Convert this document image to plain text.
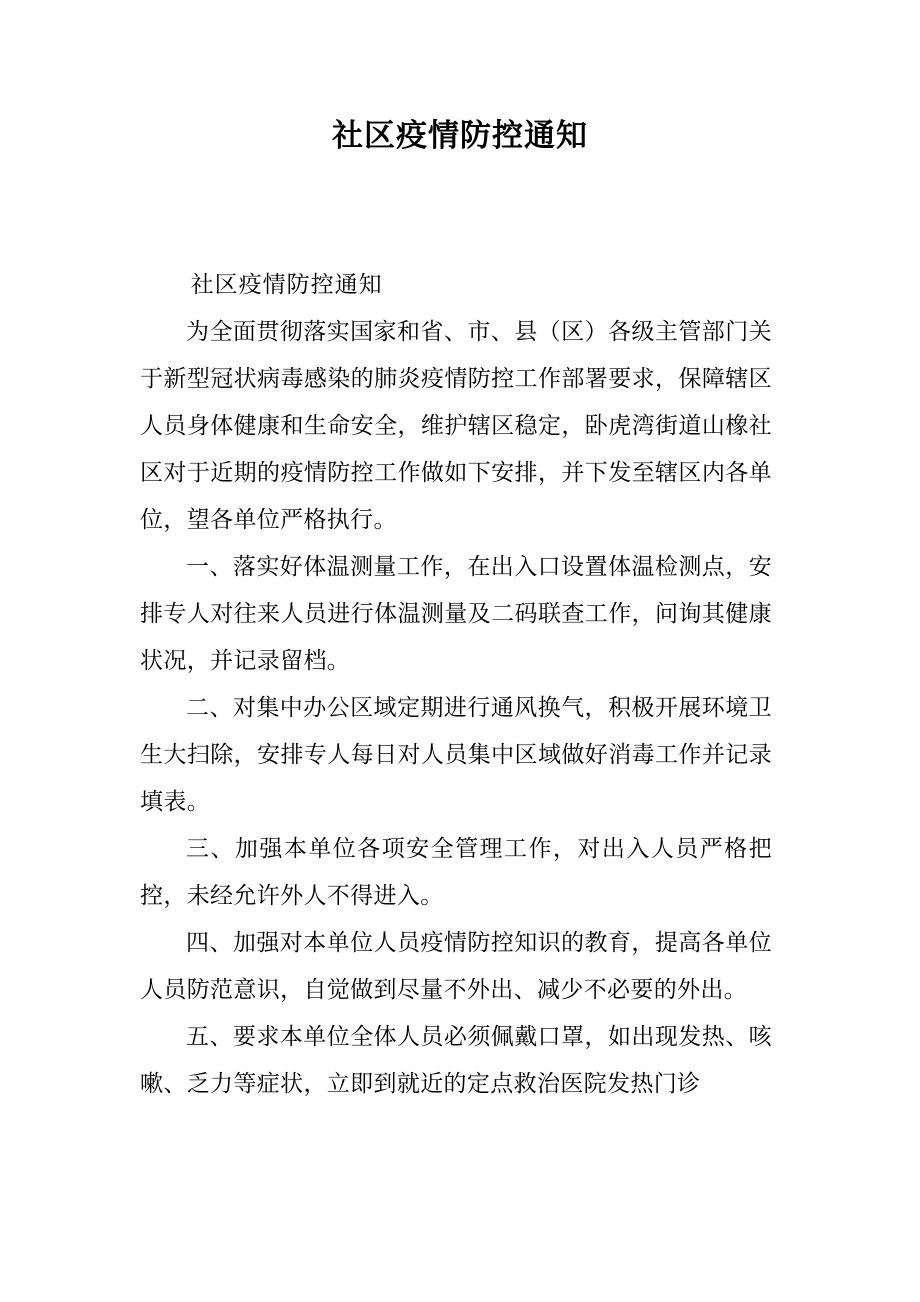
社区疫情防控通知

社区疫情防控通知

为全面贯彻落实国家和省、市、县（区）各级主管部门关于新型冠状病毒感染的肺炎疫情防控工作部署要求，保障辖区人员身体健康和生命安全，维护辖区稳定，卧虎湾街道山橡社区对于近期的疫情防控工作做如下安排，并下发至辖区内各单位，望各单位严格执行。

一、落实好体温测量工作，在出入口设置体温检测点，安排专人对往来人员进行体温测量及二码联查工作，问询其健康状况，并记录留档。

二、对集中办公区域定期进行通风换气，积极开展环境卫生大扫除，安排专人每日对人员集中区域做好消毒工作并记录填表。

三、加强本单位各项安全管理工作，对出入人员严格把控，未经允许外人不得进入。

四、加强对本单位人员疫情防控知识的教育，提高各单位人员防范意识，自觉做到尽量不外出、减少不必要的外出。

五、要求本单位全体人员必须佩戴口罩，如出现发热、咳嗽、乏力等症状，立即到就近的定点救治医院发热门诊
